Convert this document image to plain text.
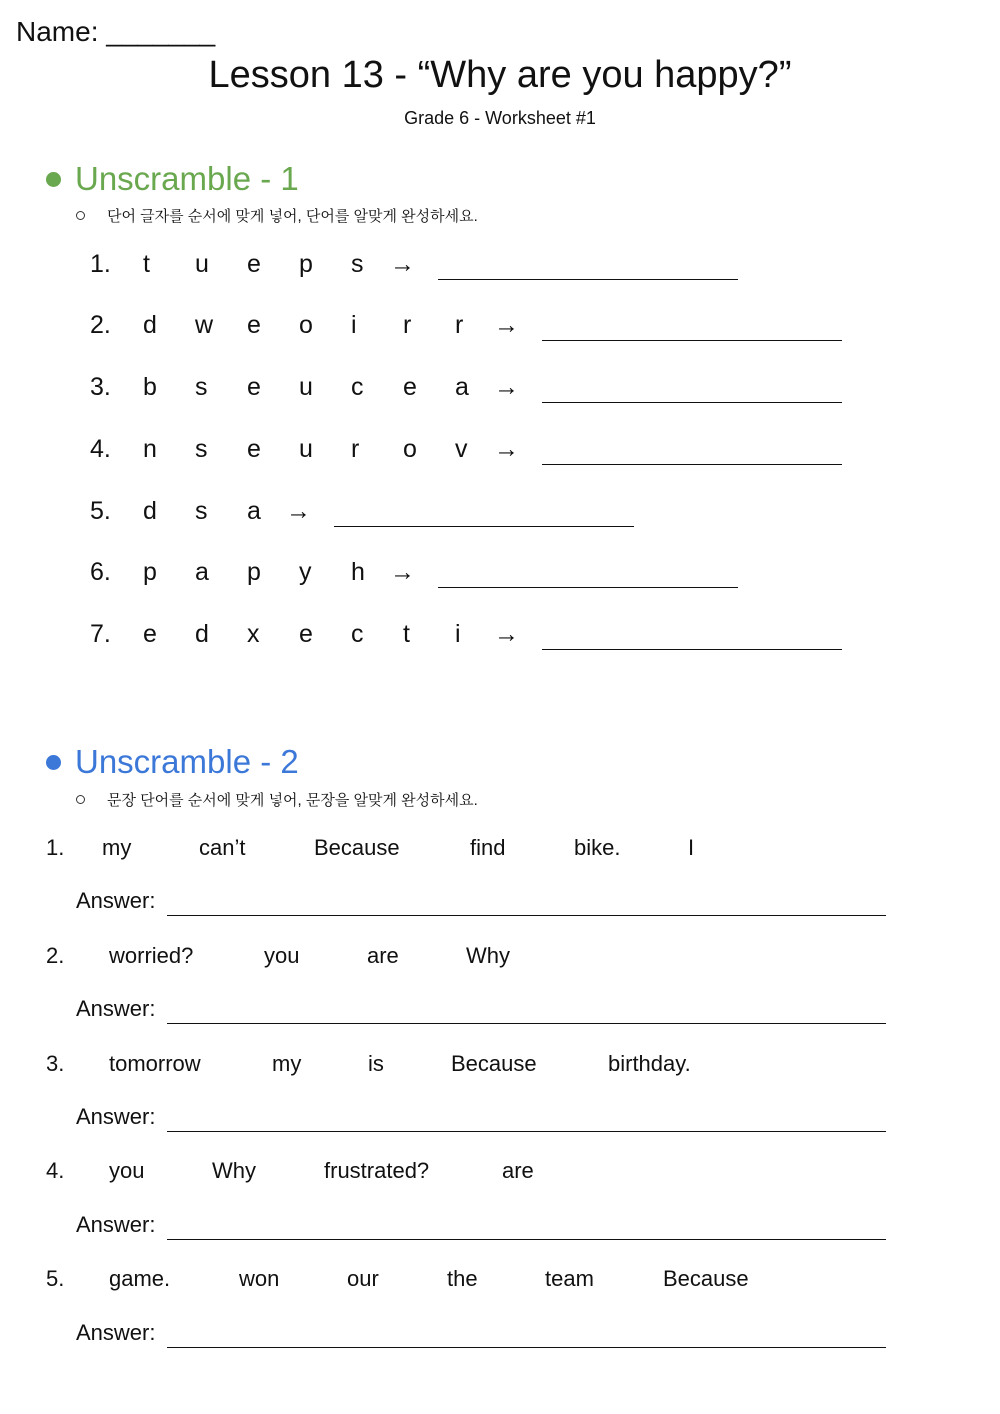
Name: _______
Lesson 13 - “Why are you happy?”
Grade 6 - Worksheet #1
Unscramble - 1
단어 글자를 순서에 맞게 넣어, 단어를 알맞게 완성하세요.
1. t u e p s →
2. d w e o i r r →
3. b s e u c e a →
4. n s e u r o v →
5. d s a →
6. p a p y h →
7. e d x e c t i →
Unscramble - 2
문장 단어를 순서에 맞게 넣어, 문장을 알맞게 완성하세요.
1. my	can’t	Because	find	bike.	I
Answer:
2. worried?	you	are	Why
Answer:
3. tomorrow	my	is	Because	birthday.
Answer:
4. you	Why	frustrated?	are
Answer:
5. game.	won	our	the	team	Because
Answer:
